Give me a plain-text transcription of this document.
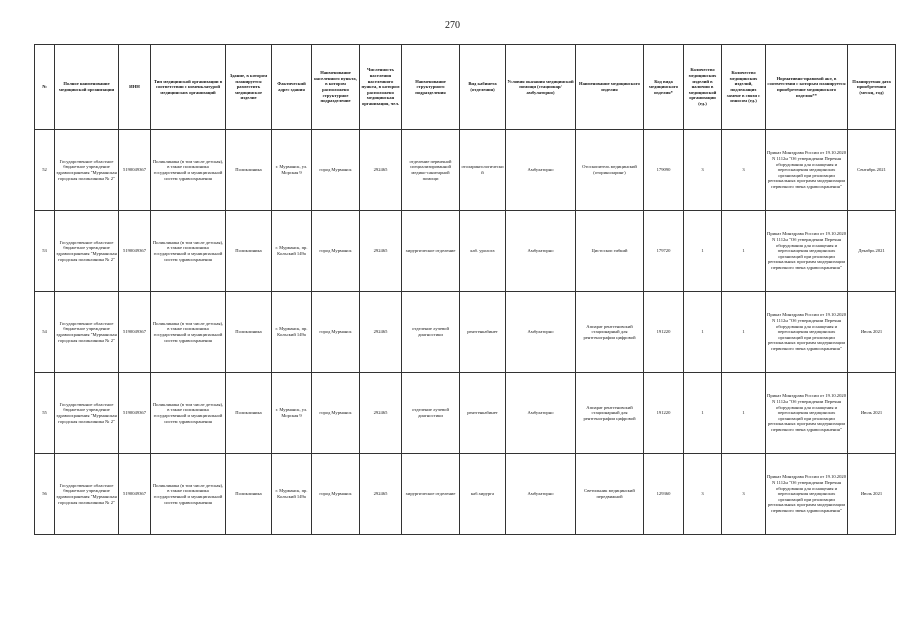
270
№	Полное наименование медицинской организации	ИНН	Тип медицинской организации в соответствии с номенклатурой медицинских организаций	Здание, в котором планируется разместить медицинское изделие	Фактический адрес здания	Наименование населенного пункта, в котором расположено структурное подразделение	Численность населения населенного пункта, в котором расположено медицинская организация, чел.	Наименование структурного подразделения	Вид кабинета (отделения)	Условия оказания медицинской помощи (стационар/амбулаторно)	Наименование медицинского изделия	Код вида медицинского изделия*	Количество медицинских изделий в наличии в медицинской организации (ед.)	Количество медицинских изделий, подлежащих замене в связи с износом (ед.)	Нормативно-правовой акт, в соответствии с которым планируется приобретение медицинского изделия**	Планируемая дата приобретения (месяц, год)
52	Государственное областное бюджетное учреждение здравоохранения "Мурманская городская поликлиника № 2"	5190049367	Поликлиника (в том числе детская), в также поликлиника государственной и муниципальной систем здравоохранения	Поликлиника	г. Мурманск, ул. Морская 9	город Мурманск	292465	отделение первичной специализированной медико-санитарной помощи	отоларингологический	Амбулаторно	Отоскопитель медицинский (оториноларинг)	179090	3	3	Приказ Минздрава России от 19.10.2020 N 1112н "Об утверждении Перечня оборудования для оснащения и переоснащения медицинских организаций при реализации региональных программ модернизации первичного звена здравоохранения"	Сентябрь 2021
53	Государственное областное бюджетное учреждение здравоохранения "Мурманская городская поликлиника № 2"	5190049367	Поликлиника (в том числе детская), в также поликлиника государственной и муниципальной систем здравоохранения	Поликлиника	г. Мурманск, пр. Кольский 149а	город Мурманск	292465	хирургическое отделение	каб. уролога	Амбулаторно	Цистоскоп гибкий	179720	1	1	Приказ Минздрава России от 19.10.2020 N 1112н "Об утверждении Перечня оборудования для оснащения и переоснащения медицинских организаций при реализации региональных программ модернизации первичного звена здравоохранения"	Декабрь 2021
54	Государственное областное бюджетное учреждение здравоохранения "Мурманская городская поликлиника № 2"	5190049367	Поликлиника (в том числе детская), в также поликлиника государственной и муниципальной систем здравоохранения	Поликлиника	г. Мурманск, пр. Кольский 149а	город Мурманск	292465	отделение лучевой диагностики	рентгенкабинет	Амбулаторно	Аппарат рентгеновский стационарный для рентгенографии цифровой	191220	1	1	Приказ Минздрава России от 19.10.2020 N 1112н "Об утверждении Перечня оборудования для оснащения и переоснащения медицинских организаций при реализации региональных программ модернизации первичного звена здравоохранения"	Июль 2021
55	Государственное областное бюджетное учреждение здравоохранения "Мурманская городская поликлиника № 2"	5190049367	Поликлиника (в том числе детская), в также поликлиника государственной и муниципальной систем здравоохранения	Поликлиника	г. Мурманск, ул. Морская 9	город Мурманск	292465	отделение лучевой диагностики	рентгенкабинет	Амбулаторно	Аппарат рентгеновский стационарный для рентгенографии цифровой	191220	1	1	Приказ Минздрава России от 19.10.2020 N 1112н "Об утверждении Перечня оборудования для оснащения и переоснащения медицинских организаций при реализации региональных программ модернизации первичного звена здравоохранения"	Июль 2021
56	Государственное областное бюджетное учреждение здравоохранения "Мурманская городская поликлиника № 2"	5190049367	Поликлиника (в том числе детская), в также поликлиника государственной и муниципальной систем здравоохранения	Поликлиника	г. Мурманск, пр. Кольский 149а	город Мурманск	292465	хирургическое отделение	каб.хирурга	Амбулаторно	Светильник медицинский передвижной	129360	3	3	Приказ Минздрава России от 19.10.2020 N 1112н "Об утверждении Перечня оборудования для оснащения и переоснащения медицинских организаций при реализации региональных программ модернизации первичного звена здравоохранения"	Июль 2021
